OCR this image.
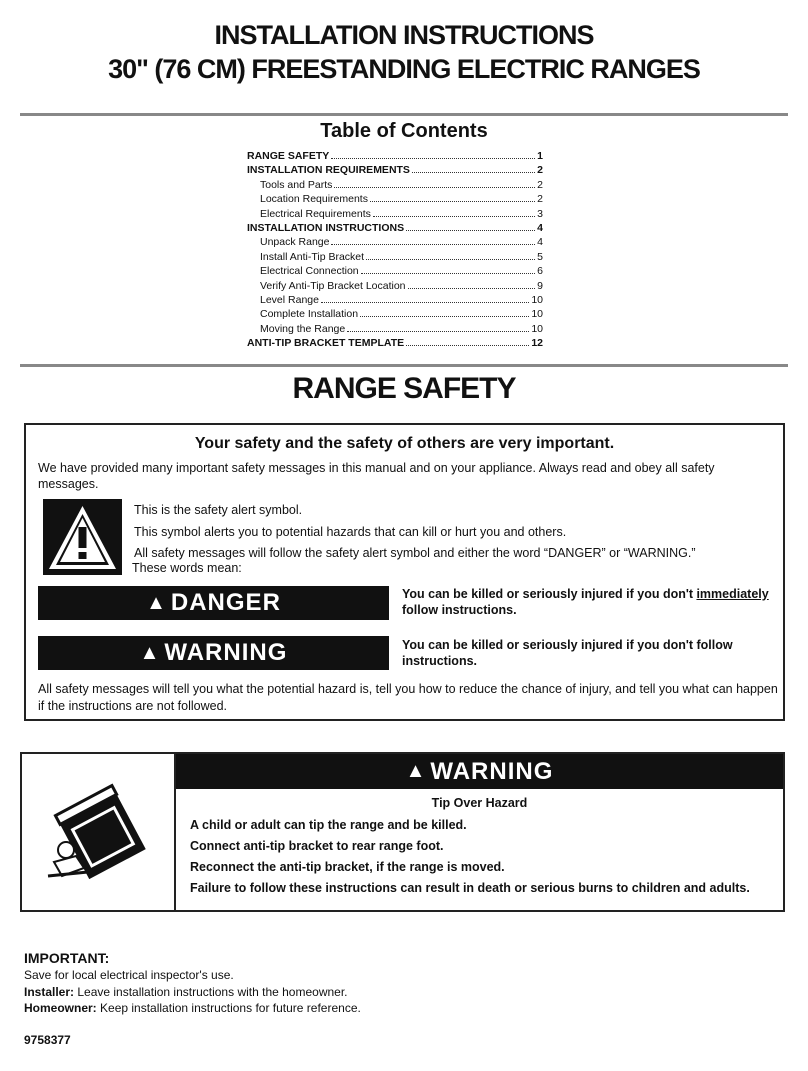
INSTALLATION INSTRUCTIONS
30" (76 CM) FREESTANDING ELECTRIC RANGES
Table of Contents
RANGE SAFETY	1
INSTALLATION REQUIREMENTS	2
Tools and Parts	2
Location Requirements	2
Electrical Requirements	3
INSTALLATION INSTRUCTIONS	4
Unpack Range	4
Install Anti-Tip Bracket	5
Electrical Connection	6
Verify Anti-Tip Bracket Location	9
Level Range	10
Complete Installation	10
Moving the Range	10
ANTI-TIP BRACKET TEMPLATE	12
RANGE SAFETY
Your safety and the safety of others are very important.
We have provided many important safety messages in this manual and on your appliance. Always read and obey all safety messages.
This is the safety alert symbol.
This symbol alerts you to potential hazards that can kill or hurt you and others.
All safety messages will follow the safety alert symbol and either the word “DANGER” or “WARNING.”
These words mean:
▲ DANGER	You can be killed or seriously injured if you don't immediately
follow instructions.
▲ WARNING	You can be killed or seriously injured if you don't follow instructions.
All safety messages will tell you what the potential hazard is, tell you how to reduce the chance of injury, and tell you what can happen if the instructions are not followed.
▲ WARNING
Tip Over Hazard
A child or adult can tip the range and be killed.
Connect anti-tip bracket to rear range foot.
Reconnect the anti-tip bracket, if the range is moved.
Failure to follow these instructions can result in death or serious burns to children and adults.
IMPORTANT:
Save for local electrical inspector's use.
Installer: Leave installation instructions with the homeowner.
Homeowner: Keep installation instructions for future reference.
9758377
